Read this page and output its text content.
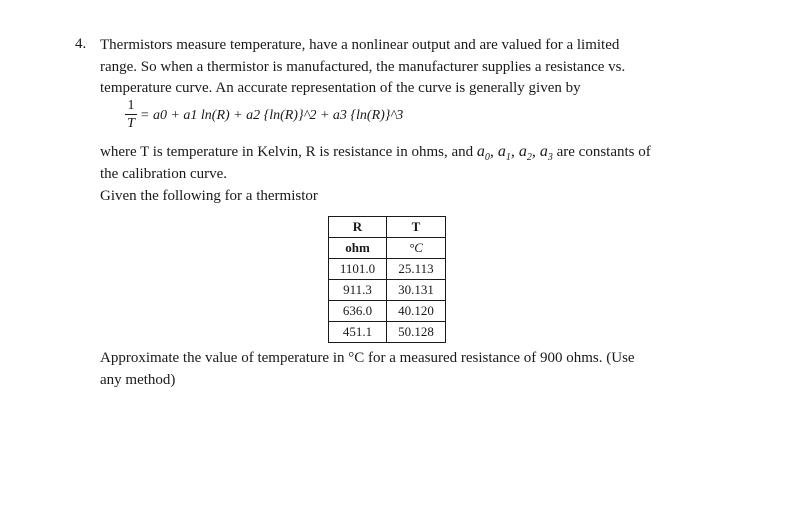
4. Thermistors measure temperature, have a nonlinear output and are valued for a limited
range. So when a thermistor is manufactured, the manufacturer supplies a resistance vs.
temperature curve. An accurate representation of the curve is generally given by
1
T
= a0 + a1 ln(R) + a2 {ln(R)}^2 + a3 {ln(R)}^3
where T is temperature in Kelvin, R is resistance in ohms, and $a_0$, $a_1$, $a_2$, $a_3$ are constants of
the calibration curve.
Given the following for a thermistor
R	T
ohm	°C
1101.0	25.113
911.3	30.131
636.0	40.120
451.1	50.128
Approximate the value of temperature in °C for a measured resistance of 900 ohms. (Use
any method)
